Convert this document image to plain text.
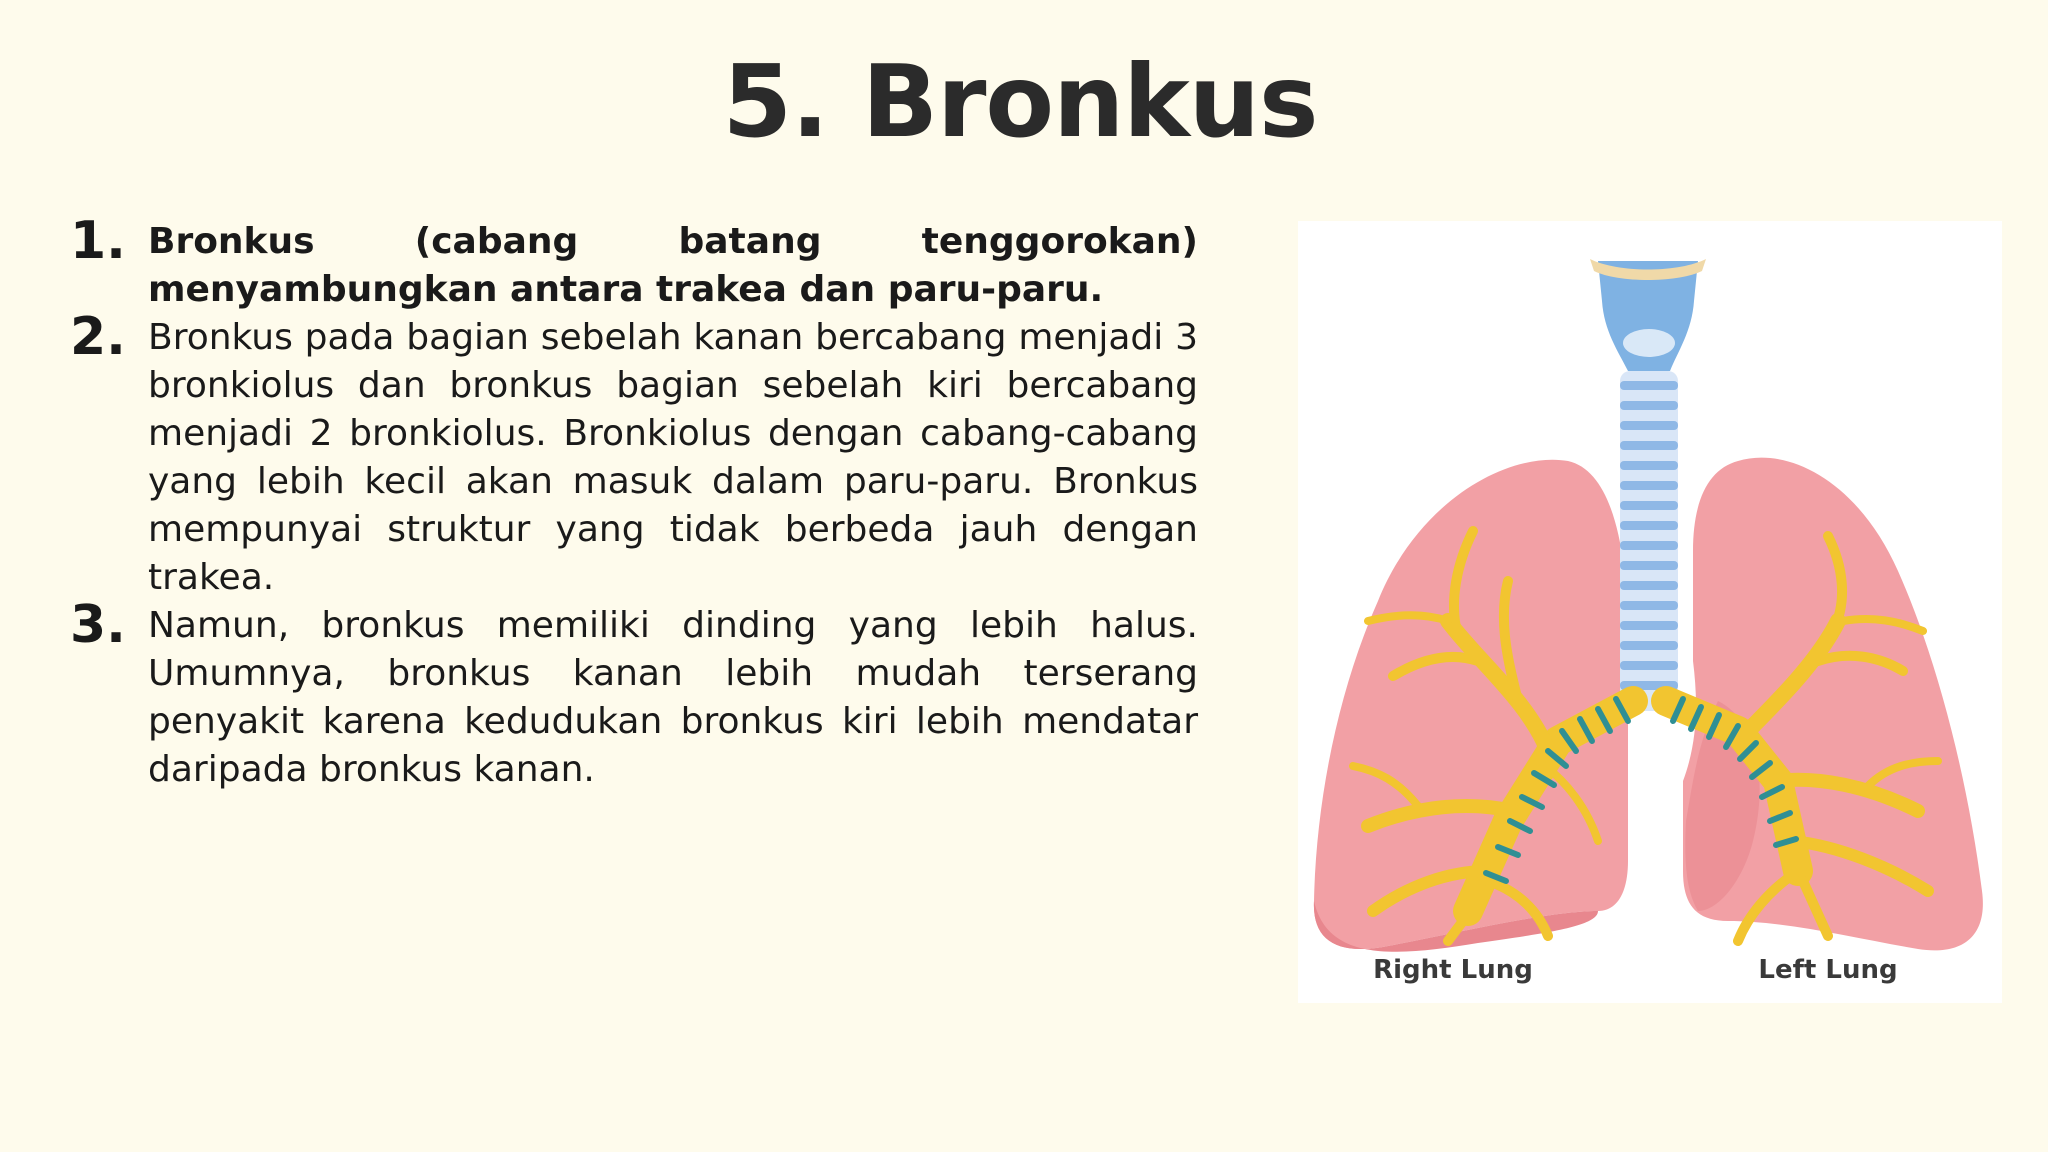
5. Bronkus
1. Bronkus (cabang batang tenggorokan) menyambungkan antara trakea dan paru-paru.
2. Bronkus pada bagian sebelah kanan bercabang menjadi 3 bronkiolus dan bronkus bagian sebelah kiri bercabang menjadi 2 bronkiolus. Bronkiolus dengan cabang-cabang yang lebih kecil akan masuk dalam paru-paru. Bronkus mempunyai struktur yang tidak berbeda jauh dengan trakea.
3. Namun, bronkus memiliki dinding yang lebih halus. Umumnya, bronkus kanan lebih mudah terserang penyakit karena kedudukan bronkus kiri lebih mendatar daripada bronkus kanan.
Right Lung	Left Lung
